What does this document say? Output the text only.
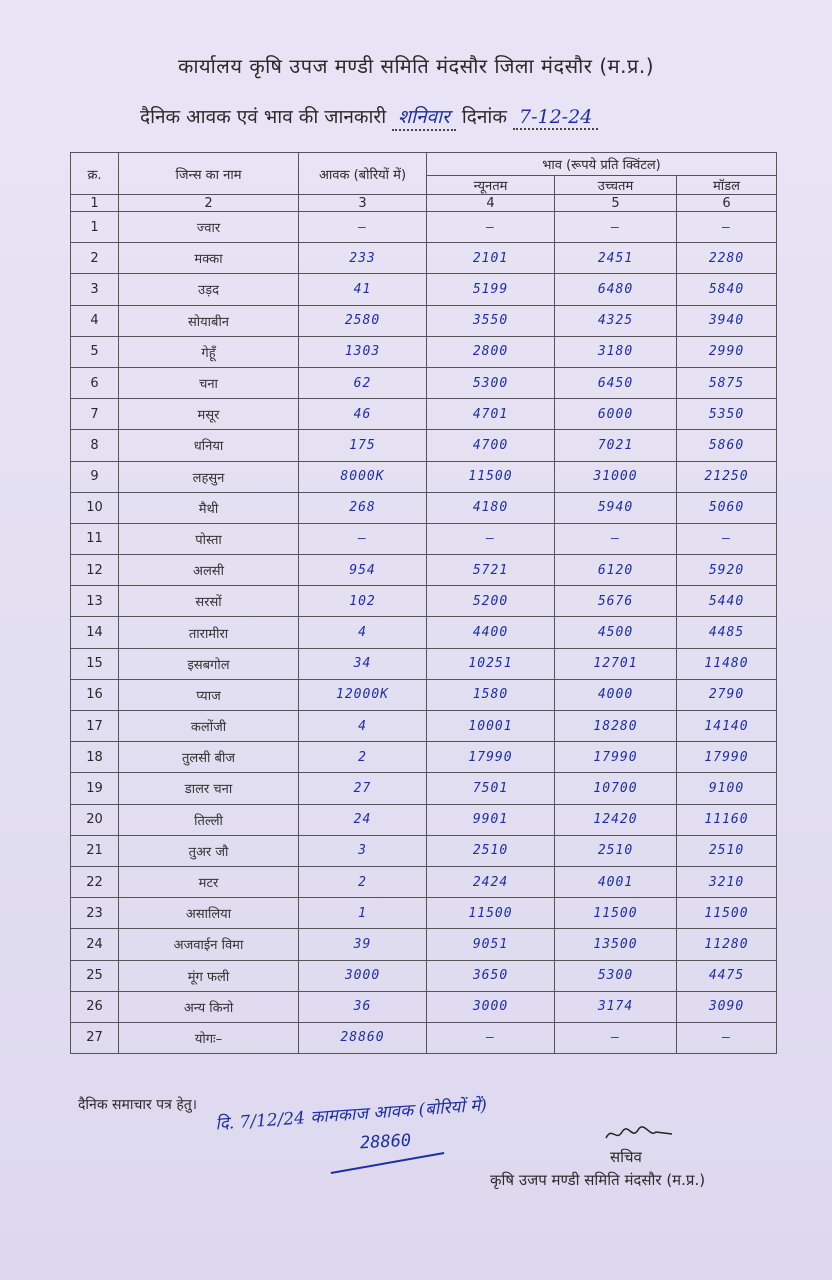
कार्यालय कृषि उपज मण्डी समिति मंदसौर जिला मंदसौर (म.प्र.)
दैनिक आवक एवं भाव की जानकारी शनिवार दिनांक 7-12-24
क्र.	जिन्स का नाम	आवक (बोरियों में)	भाव (रूपये प्रति क्विंटल)		
			न्यूनतम	उच्चतम	मॉडल
1	2	3	4	5	6
1	ज्वार	—	—	—	—
2	मक्का	233	2101	2451	2280
3	उड़द	41	5199	6480	5840
4	सोयाबीन	2580	3550	4325	3940
5	गेहूँ	1303	2800	3180	2990
6	चना	62	5300	6450	5875
7	मसूर	46	4701	6000	5350
8	धनिया	175	4700	7021	5860
9	लहसुन	8000K	11500	31000	21250
10	मैथी	268	4180	5940	5060
11	पोस्ता	—	—	—	—
12	अलसी	954	5721	6120	5920
13	सरसों	102	5200	5676	5440
14	तारामीरा	4	4400	4500	4485
15	इसबगोल	34	10251	12701	11480
16	प्याज	12000K	1580	4000	2790
17	कलोंजी	4	10001	18280	14140
18	तुलसी बीज	2	17990	17990	17990
19	डालर चना	27	7501	10700	9100
20	तिल्ली	24	9901	12420	11160
21	तुअर जौ	3	2510	2510	2510
22	मटर	2	2424	4001	3210
23	असालिया	1	11500	11500	11500
24	अजवाईन विमा	39	9051	13500	11280
25	मूंग फली	3000	3650	5300	4475
26	अन्य किनो	36	3000	3174	3090
27	योगः–	28860	—	—	—
दैनिक समाचार पत्र हेतु। दि. 7/12/24 कामकाज आवक (बोरियों में)
28860
सचिव
कृषि उजप मण्डी समिति मंदसौर (म.प्र.)
